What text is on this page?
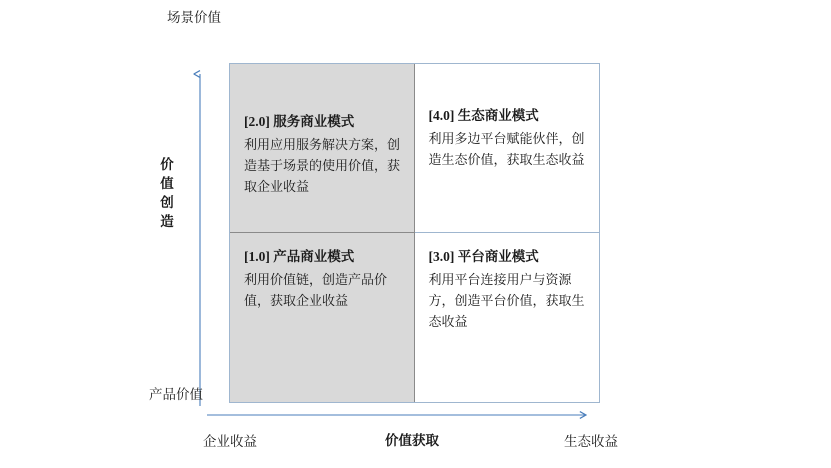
场景价值
价
值
创
造
产品价值
企业收益	价值获取	生态收益
[2.0] 服务商业模式
利用应用服务解决方案，创造基于场景的使用价值，获取企业收益
[4.0] 生态商业模式
利用多边平台赋能伙伴，创造生态价值，获取生态收益
[1.0] 产品商业模式
利用价值链，创造产品价值，获取企业收益
[3.0] 平台商业模式
利用平台连接用户与资源方，创造平台价值，获取生态收益
